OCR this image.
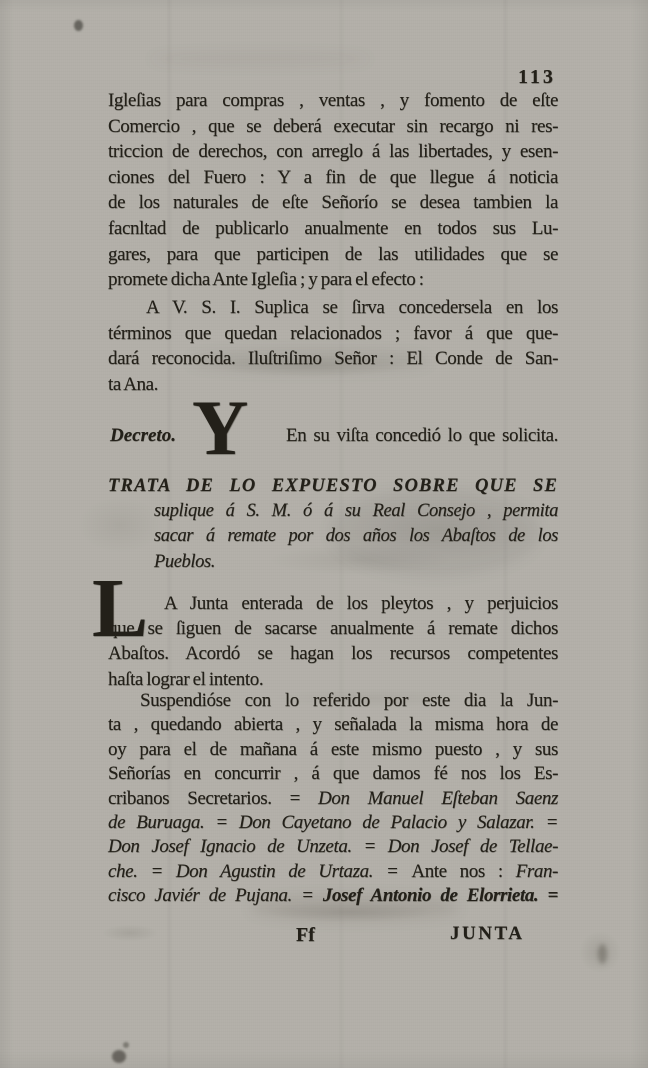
113
Igleſias para compras , ventas , y fomento de eſte
Comercio , que se deberá executar sin recargo ni res-
triccion de derechos, con arreglo á las libertades, y esen-
ciones del Fuero : Y a fin de que llegue á noticia
de los naturales de eſte Señorío se desea tambien la
facnltad de publicarlo anualmente en todos sus Lu-
gares, para que participen de las utilidades que se
promete dicha Ante Igleſia ; y para el efecto :
A V. S. I. Suplica se ſirva concedersela en los
términos que quedan relacionados ; favor á que que-
dará reconocida. Iluſtriſimo Señor : El Conde de San-
ta Ana.
Decreto. Y En su viſta concedió lo que solicita.
TRATA DE LO EXPUESTO SOBRE QUE SE
suplique á S. M. ó á su Real Consejo , permita
sacar á remate por dos años los Abaſtos de los
Pueblos.
L A Junta enterada de los pleytos , y perjuicios
que se ſiguen de sacarse anualmente á remate dichos
Abaſtos. Acordó se hagan los recursos competentes
haſta lograr el intento.
Suspendióse con lo referido por este dia la Jun-
ta , quedando abierta , y señalada la misma hora de
oy para el de mañana á este mismo puesto , y sus
Señorías en concurrir , á que damos fé nos los Es-
cribanos Secretarios. = Don Manuel Eſteban Saenz
de Buruaga. = Don Cayetano de Palacio y Salazar. =
Don Josef Ignacio de Unzeta. = Don Josef de Tellae-
che. = Don Agustin de Urtaza. = Ante nos : Fran-
cisco Javiér de Pujana. = Josef Antonio de Elorrieta. =
Ff	JUNTA
